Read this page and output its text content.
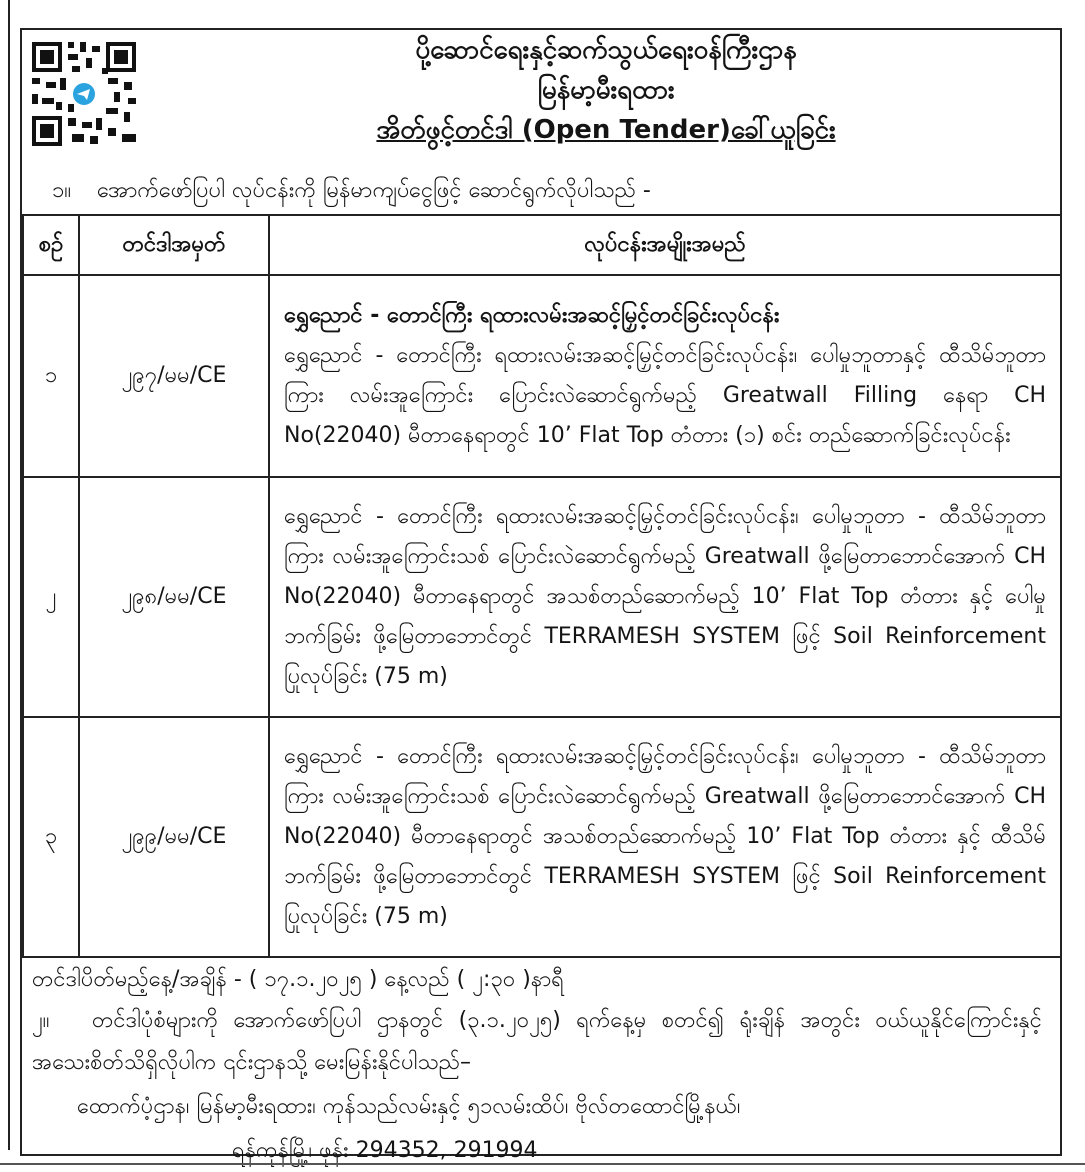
ပို့ဆောင်ရေးနှင့်ဆက်သွယ်ရေးဝန်ကြီးဌာန
မြန်မာ့မီးရထား
အိတ်ဖွင့်တင်ဒါ (Open Tender)ခေါ်ယူခြင်း
၁။ အောက်ဖော်ပြပါ လုပ်ငန်းကို မြန်မာကျပ်ငွေဖြင့် ဆောင်ရွက်လိုပါသည် -
စဉ်	တင်ဒါအမှတ်	လုပ်ငန်းအမျိုးအမည်
၁	၂၉၇/မမ/CE	ရွှေညောင် - တောင်ကြီး ရထားလမ်းအဆင့်မြှင့်တင်ခြင်းလုပ်ငန်း
ရွှေညောင် - တောင်ကြီး ရထားလမ်းအဆင့်မြှင့်တင်ခြင်းလုပ်ငန်း၊ ပေါမှုဘူတာနှင့် ထီသိမ်ဘူတာကြား လမ်းအူကြောင်း ပြောင်းလဲဆောင်ရွက်မည့် Greatwall Filling နေရာ CH No(22040) မီတာနေရာတွင် 10’ Flat Top တံတား (၁) စင်း တည်ဆောက်ခြင်းလုပ်ငန်း
၂	၂၉၈/မမ/CE	ရွှေညောင် - တောင်ကြီး ရထားလမ်းအဆင့်မြှင့်တင်ခြင်းလုပ်ငန်း၊ ပေါမှုဘူတာ - ထီသိမ်ဘူတာကြား လမ်းအူကြောင်းသစ် ပြောင်းလဲဆောင်ရွက်မည့် Greatwall ဖို့မြေတာဘောင်အောက် CH No(22040) မီတာနေရာတွင် အသစ်တည်ဆောက်မည့် 10’ Flat Top တံတား နှင့် ပေါမှုဘက်ခြမ်း ဖို့မြေတာဘောင်တွင် TERRAMESH SYSTEM ဖြင့် Soil Reinforcement ပြုလုပ်ခြင်း (75 m)
၃	၂၉၉/မမ/CE	ရွှေညောင် - တောင်ကြီး ရထားလမ်းအဆင့်မြှင့်တင်ခြင်းလုပ်ငန်း၊ ပေါမှုဘူတာ - ထီသိမ်ဘူတာကြား လမ်းအူကြောင်းသစ် ပြောင်းလဲဆောင်ရွက်မည့် Greatwall ဖို့မြေတာဘောင်အောက် CH No(22040) မီတာနေရာတွင် အသစ်တည်ဆောက်မည့် 10’ Flat Top တံတား နှင့် ထီသိမ်ဘက်ခြမ်း ဖို့မြေတာဘောင်တွင် TERRAMESH SYSTEM ဖြင့် Soil Reinforcement ပြုလုပ်ခြင်း (75 m)
တင်ဒါပိတ်မည့်နေ့/အချိန် - ( ၁၇.၁.၂၀၂၅ ) နေ့လည် ( ၂:၃၀ )နာရီ
၂။ တင်ဒါပုံစံများကို အောက်ဖော်ပြပါ ဌာနတွင် (၃.၁.၂၀၂၅) ရက်နေ့မှ စတင်၍ ရုံးချိန် အတွင်း ဝယ်ယူနိုင်ကြောင်းနှင့် အသေးစိတ်သိရှိလိုပါက ၎င်းဌာနသို့ မေးမြန်းနိုင်ပါသည်–
ထောက်ပံ့ဌာန၊ မြန်မာ့မီးရထား၊ ကုန်သည်လမ်းနှင့် ၅၁လမ်းထိပ်၊ ဗိုလ်တထောင်မြို့နယ်၊
ရန်ကုန်မြို့၊ ဖုန်း 294352, 291994
